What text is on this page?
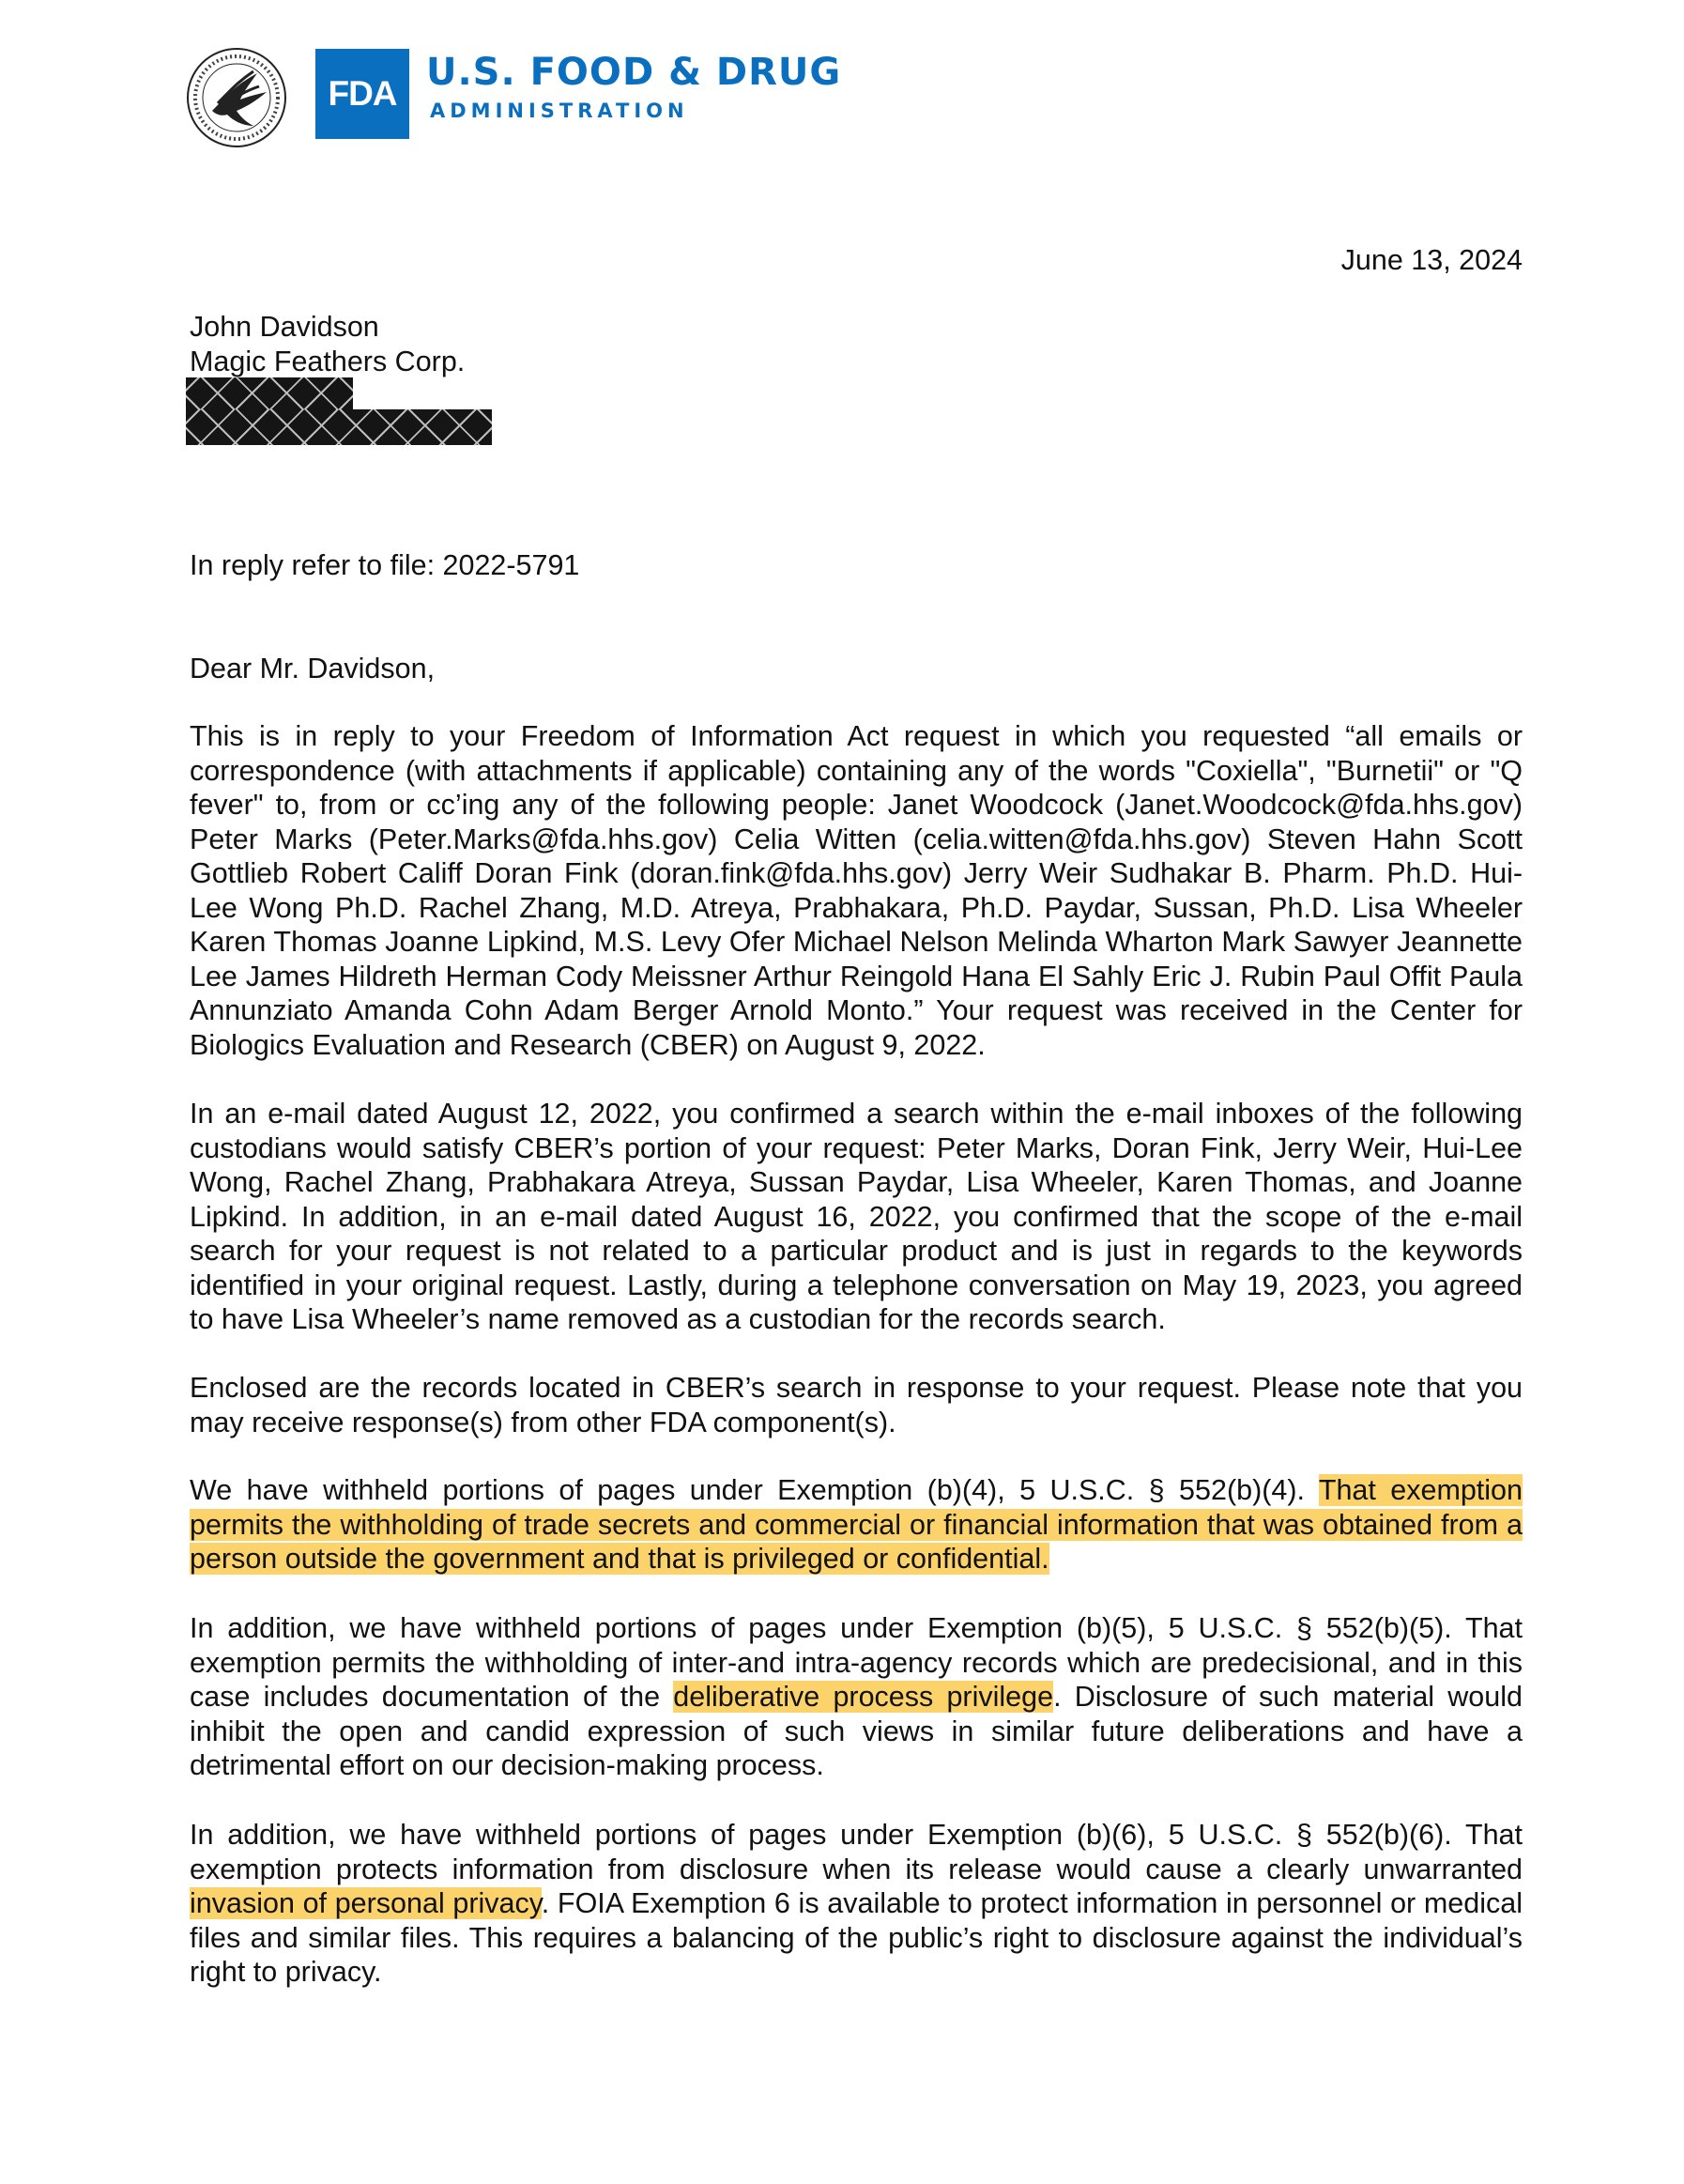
FDA U.S. FOOD & DRUG
ADMINISTRATION
June 13, 2024
John Davidson
Magic Feathers Corp.
In reply refer to file: 2022-5791
Dear Mr. Davidson,
This is in reply to your Freedom of Information Act request in which you requested “all emails or correspondence (with attachments if applicable) containing any of the words "Coxiella", "Burnetii" or "Q fever" to, from or cc’ing any of the following people: Janet Woodcock (Janet.Woodcock@fda.hhs.gov) Peter Marks (Peter.Marks@fda.hhs.gov) Celia Witten (celia.witten@fda.hhs.gov) Steven Hahn Scott Gottlieb Robert Califf Doran Fink (doran.fink@fda.hhs.gov) Jerry Weir Sudhakar B. Pharm. Ph.D. Hui-Lee Wong Ph.D. Rachel Zhang, M.D. Atreya, Prabhakara, Ph.D. Paydar, Sussan, Ph.D. Lisa Wheeler Karen Thomas Joanne Lipkind, M.S. Levy Ofer Michael Nelson Melinda Wharton Mark Sawyer Jeannette Lee James Hildreth Herman Cody Meissner Arthur Reingold Hana El Sahly Eric J. Rubin Paul Offit Paula Annunziato Amanda Cohn Adam Berger Arnold Monto.” Your request was received in the Center for Biologics Evaluation and Research (CBER) on August 9, 2022.
In an e-mail dated August 12, 2022, you confirmed a search within the e-mail inboxes of the following custodians would satisfy CBER’s portion of your request: Peter Marks, Doran Fink, Jerry Weir, Hui-Lee Wong, Rachel Zhang, Prabhakara Atreya, Sussan Paydar, Lisa Wheeler, Karen Thomas, and Joanne Lipkind. In addition, in an e-mail dated August 16, 2022, you confirmed that the scope of the e-mail search for your request is not related to a particular product and is just in regards to the keywords identified in your original request. Lastly, during a telephone conversation on May 19, 2023, you agreed to have Lisa Wheeler’s name removed as a custodian for the records search.
Enclosed are the records located in CBER’s search in response to your request. Please note that you may receive response(s) from other FDA component(s).
We have withheld portions of pages under Exemption (b)(4), 5 U.S.C. § 552(b)(4). That exemption permits the withholding of trade secrets and commercial or financial information that was obtained from a person outside the government and that is privileged or confidential.
In addition, we have withheld portions of pages under Exemption (b)(5), 5 U.S.C. § 552(b)(5). That exemption permits the withholding of inter-and intra-agency records which are predecisional, and in this case includes documentation of the deliberative process privilege. Disclosure of such material would inhibit the open and candid expression of such views in similar future deliberations and have a detrimental effort on our decision-making process.
In addition, we have withheld portions of pages under Exemption (b)(6), 5 U.S.C. § 552(b)(6). That exemption protects information from disclosure when its release would cause a clearly unwarranted invasion of personal privacy. FOIA Exemption 6 is available to protect information in personnel or medical files and similar files. This requires a balancing of the public’s right to disclosure against the individual’s right to privacy.
